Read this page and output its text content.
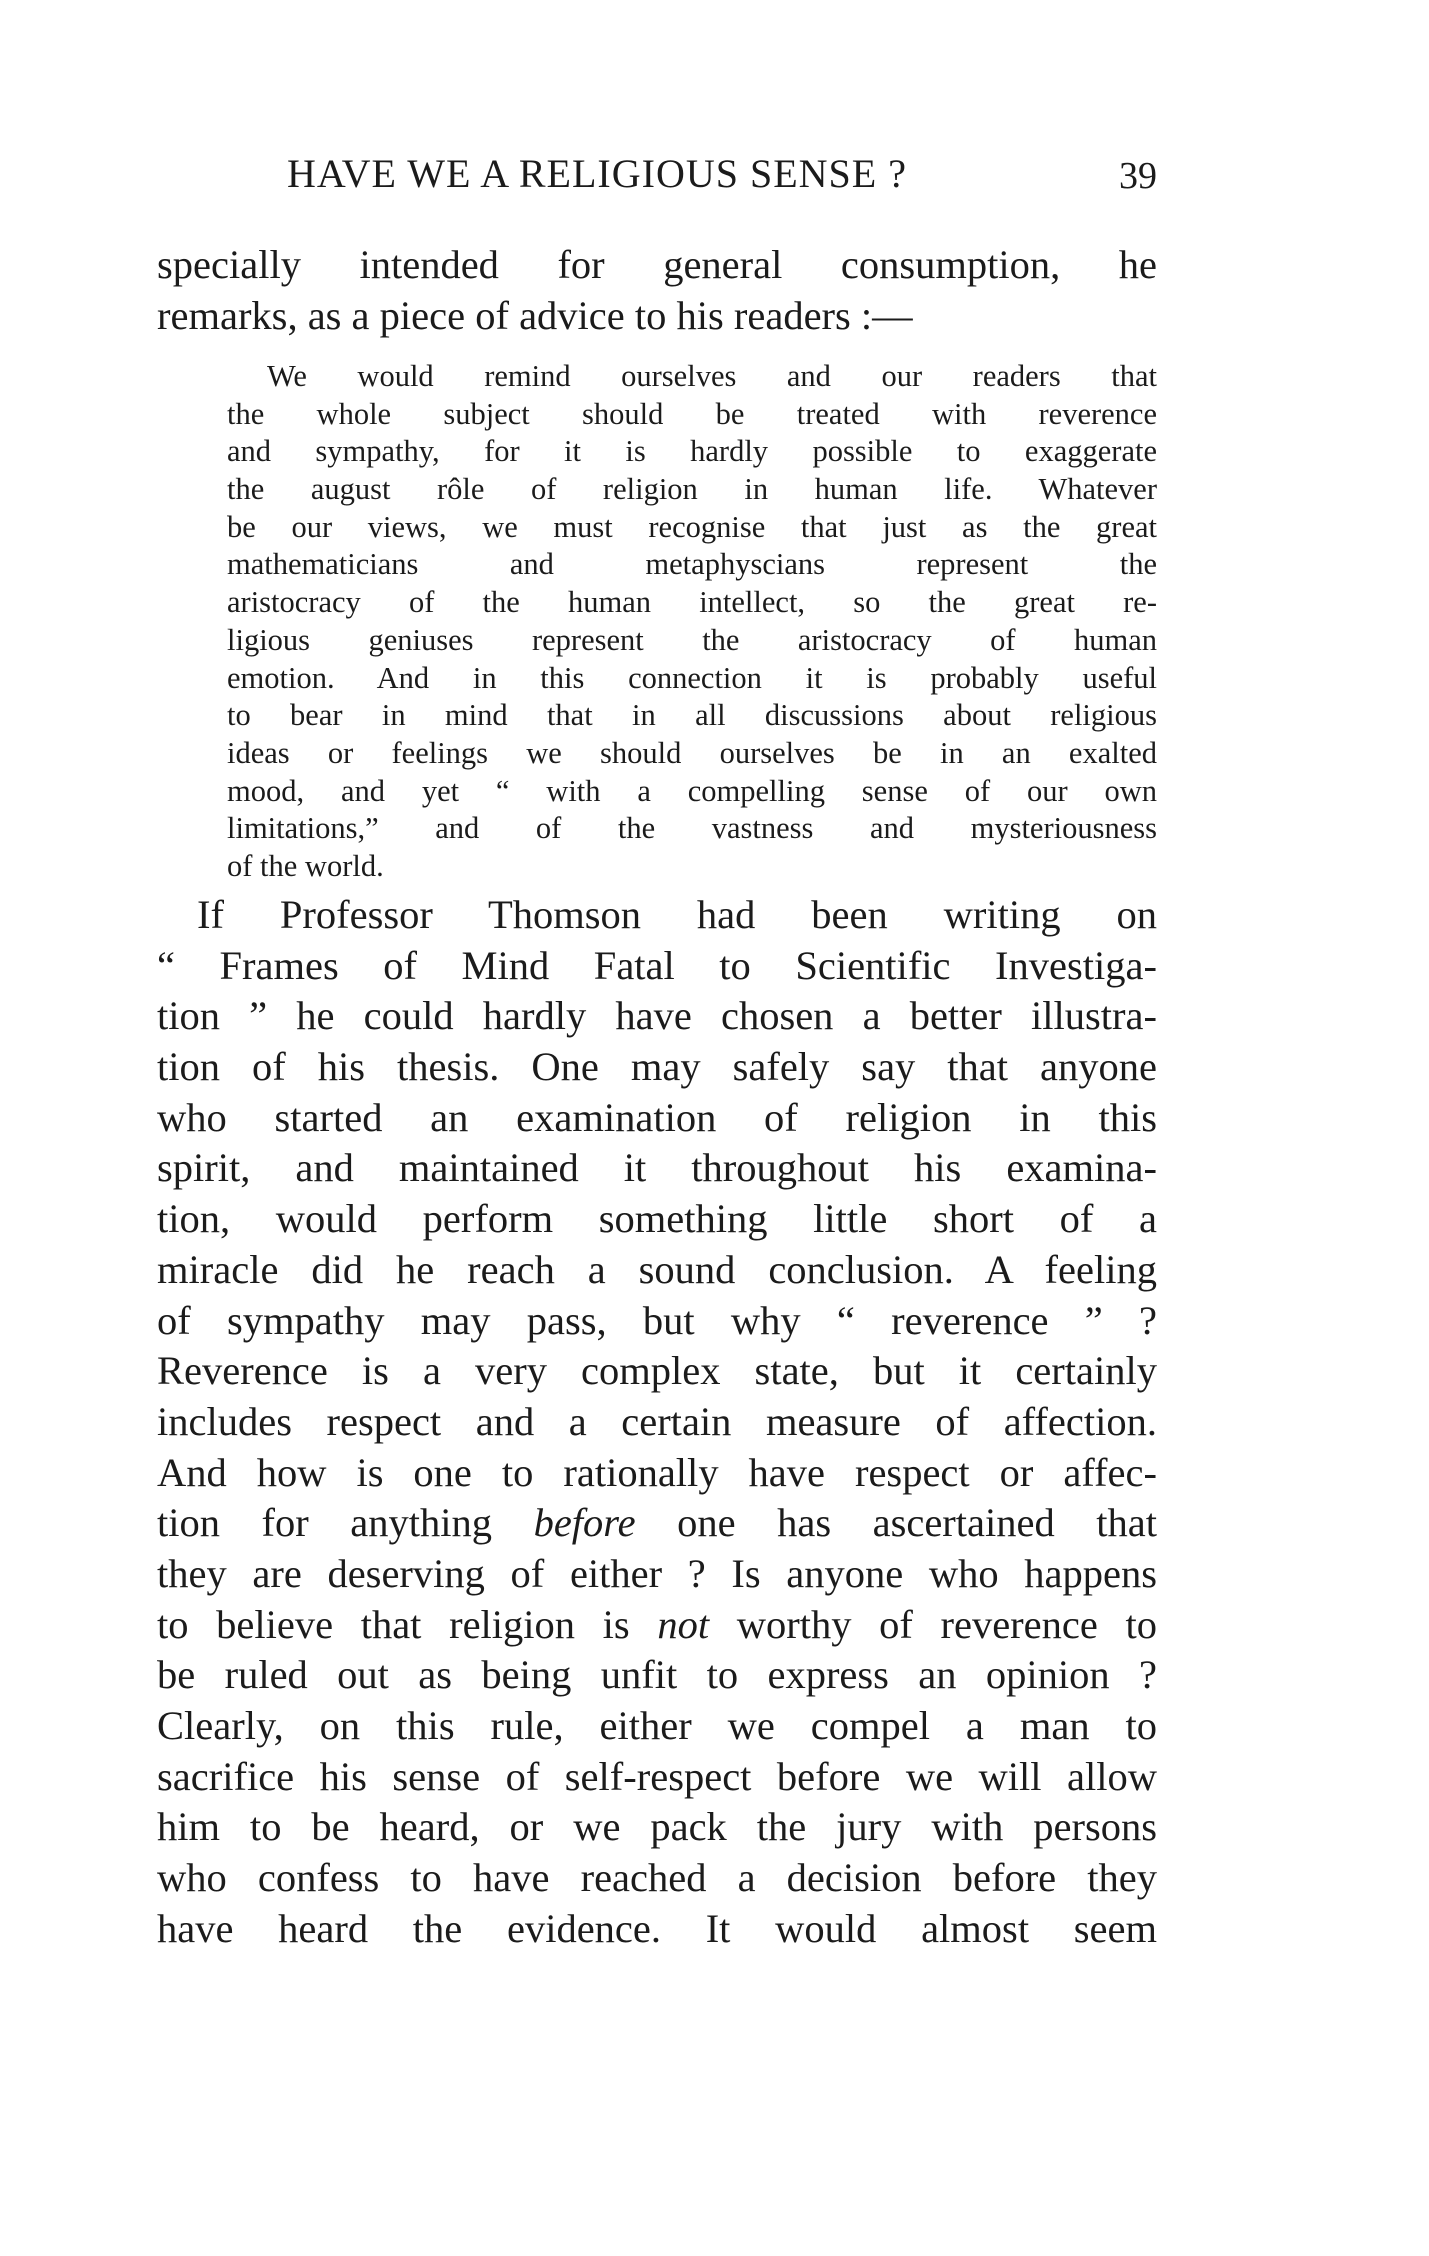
HAVE WE A RELIGIOUS SENSE ?	39

specially intended for general consumption, he
remarks, as a piece of advice to his readers :—

We would remind ourselves and our readers that
the whole subject should be treated with reverence
and sympathy, for it is hardly possible to exaggerate
the august rôle of religion in human life. Whatever
be our views, we must recognise that just as the great
mathematicians and metaphyscians represent the
aristocracy of the human intellect, so the great re-
ligious geniuses represent the aristocracy of human
emotion. And in this connection it is probably useful
to bear in mind that in all discussions about religious
ideas or feelings we should ourselves be in an exalted
mood, and yet “ with a compelling sense of our own
limitations,” and of the vastness and mysteriousness
of the world.

If Professor Thomson had been writing on
“ Frames of Mind Fatal to Scientific Investiga-
tion ” he could hardly have chosen a better illustra-
tion of his thesis. One may safely say that anyone
who started an examination of religion in this
spirit, and maintained it throughout his examina-
tion, would perform something little short of a
miracle did he reach a sound conclusion. A feeling
of sympathy may pass, but why “ reverence ” ?
Reverence is a very complex state, but it certainly
includes respect and a certain measure of affection.
And how is one to rationally have respect or affec-
tion for anything before one has ascertained that
they are deserving of either ? Is anyone who happens
to believe that religion is not worthy of reverence to
be ruled out as being unfit to express an opinion ?
Clearly, on this rule, either we compel a man to
sacrifice his sense of self-respect before we will allow
him to be heard, or we pack the jury with persons
who confess to have reached a decision before they
have heard the evidence. It would almost seem
